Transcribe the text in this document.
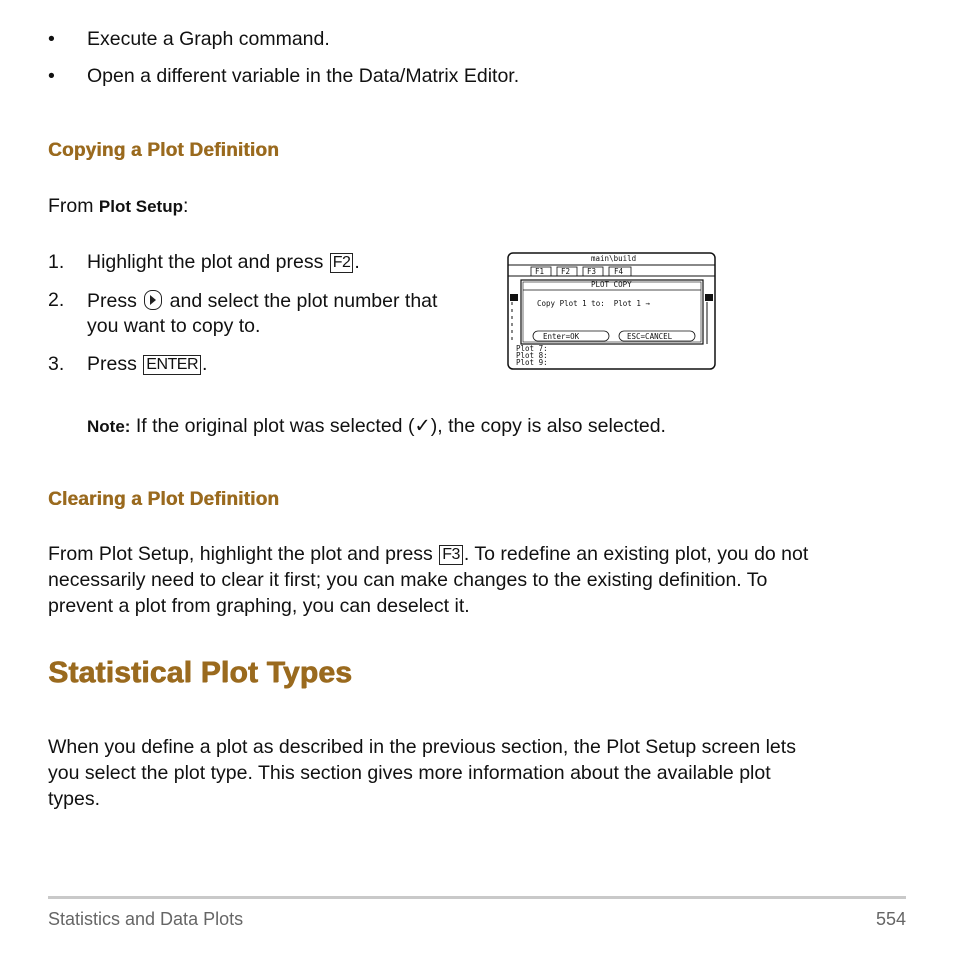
• Execute a Graph command.
• Open a different variable in the Data/Matrix Editor.
Copying a Plot Definition
From Plot Setup:
1. Highlight the plot and press F2 .
2. Press  and select the plot number that
you want to copy to.
3. Press ENTER .
main\build
F1 F2 F3 F4
PLOT COPY
Copy Plot 1 to:  Plot 1 →
Enter=OK	ESC=CANCEL
Plot 7:
Plot 8:
Plot 9:
Note: If the original plot was selected (✓), the copy is also selected.
Clearing a Plot Definition
From Plot Setup, highlight the plot and press F3 . To redefine an existing plot, you do not
necessarily need to clear it first; you can make changes to the existing definition. To
prevent a plot from graphing, you can deselect it.
Statistical Plot Types
When you define a plot as described in the previous section, the Plot Setup screen lets
you select the plot type. This section gives more information about the available plot
types.
Statistics and Data Plots	554
